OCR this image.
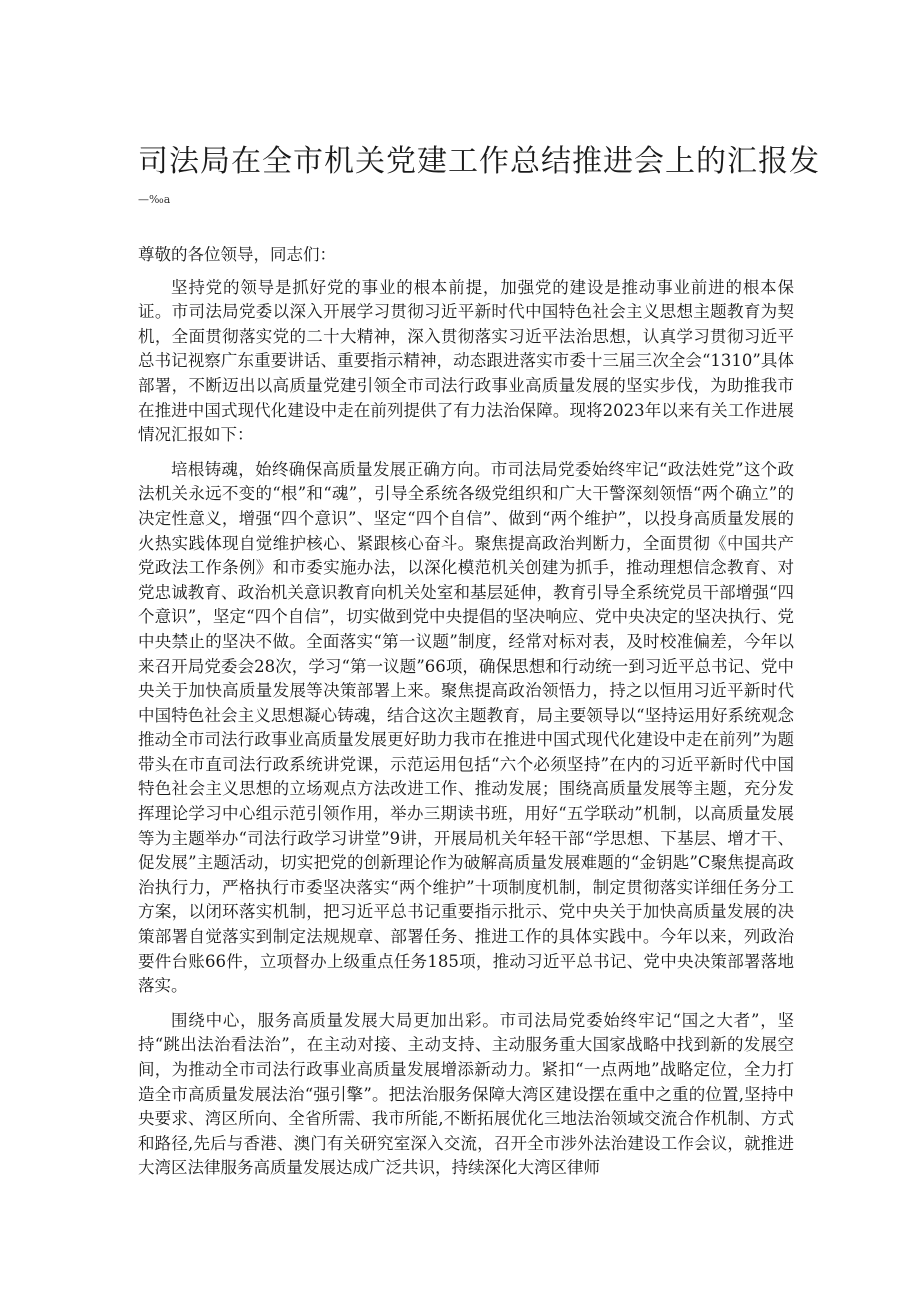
司法局在全市机关党建工作总结推进会上的汇报发
—‰a

尊敬的各位领导，同志们：

坚持党的领导是抓好党的事业的根本前提，加强党的建设是推动事业前进的根本保证。市司法局党委以深入开展学习贯彻习近平新时代中国特色社会主义思想主题教育为契机，全面贯彻落实党的二十大精神，深入贯彻落实习近平法治思想，认真学习贯彻习近平总书记视察广东重要讲话、重要指示精神，动态跟进落实市委十三届三次全会“1310”具体部署，不断迈出以高质量党建引领全市司法行政事业高质量发展的坚实步伐，为助推我市在推进中国式现代化建设中走在前列提供了有力法治保障。现将2023年以来有关工作进展情况汇报如下：

培根铸魂，始终确保高质量发展正确方向。市司法局党委始终牢记“政法姓党”这个政法机关永远不变的“根”和“魂”，引导全系统各级党组织和广大干警深刻领悟“两个确立”的决定性意义，增强“四个意识”、坚定“四个自信”、做到“两个维护”，以投身高质量发展的火热实践体现自觉维护核心、紧跟核心奋斗。聚焦提高政治判断力，全面贯彻《中国共产党政法工作条例》和市委实施办法，以深化模范机关创建为抓手，推动理想信念教育、对党忠诚教育、政治机关意识教育向机关处室和基层延伸，教育引导全系统党员干部增强“四个意识”，坚定“四个自信”，切实做到党中央提倡的坚决响应、党中央决定的坚决执行、党中央禁止的坚决不做。全面落实“第一议题”制度，经常对标对表，及时校准偏差，今年以来召开局党委会28次，学习“第一议题”66项，确保思想和行动统一到习近平总书记、党中央关于加快高质量发展等决策部署上来。聚焦提高政治领悟力，持之以恒用习近平新时代中国特色社会主义思想凝心铸魂，结合这次主题教育，局主要领导以“坚持运用好系统观念推动全市司法行政事业高质量发展更好助力我市在推进中国式现代化建设中走在前列”为题带头在市直司法行政系统讲党课，示范运用包括“六个必须坚持”在内的习近平新时代中国特色社会主义思想的立场观点方法改进工作、推动发展；围绕高质量发展等主题，充分发挥理论学习中心组示范引领作用，举办三期读书班，用好“五学联动”机制，以高质量发展等为主题举办“司法行政学习讲堂”9讲，开展局机关年轻干部“学思想、下基层、增才干、促发展”主题活动，切实把党的创新理论作为破解高质量发展难题的“金钥匙”C聚焦提高政治执行力，严格执行市委坚决落实“两个维护”十项制度机制，制定贯彻落实详细任务分工方案，以闭环落实机制，把习近平总书记重要指示批示、党中央关于加快高质量发展的决策部署自觉落实到制定法规规章、部署任务、推进工作的具体实践中。今年以来，列政治要件台账66件，立项督办上级重点任务185项，推动习近平总书记、党中央决策部署落地落实。

围绕中心，服务高质量发展大局更加出彩。市司法局党委始终牢记“国之大者”，坚持“跳出法治看法治”，在主动对接、主动支持、主动服务重大国家战略中找到新的发展空间，为推动全市司法行政事业高质量发展增添新动力。紧扣“一点两地”战略定位，全力打造全市高质量发展法治“强引擎”。把法治服务保障大湾区建设摆在重中之重的位置,坚持中央要求、湾区所向、全省所需、我市所能,不断拓展优化三地法治领域交流合作机制、方式和路径,先后与香港、澳门有关研究室深入交流，召开全市涉外法治建设工作会议，就推进大湾区法律服务高质量发展达成广泛共识，持续深化大湾区律师
